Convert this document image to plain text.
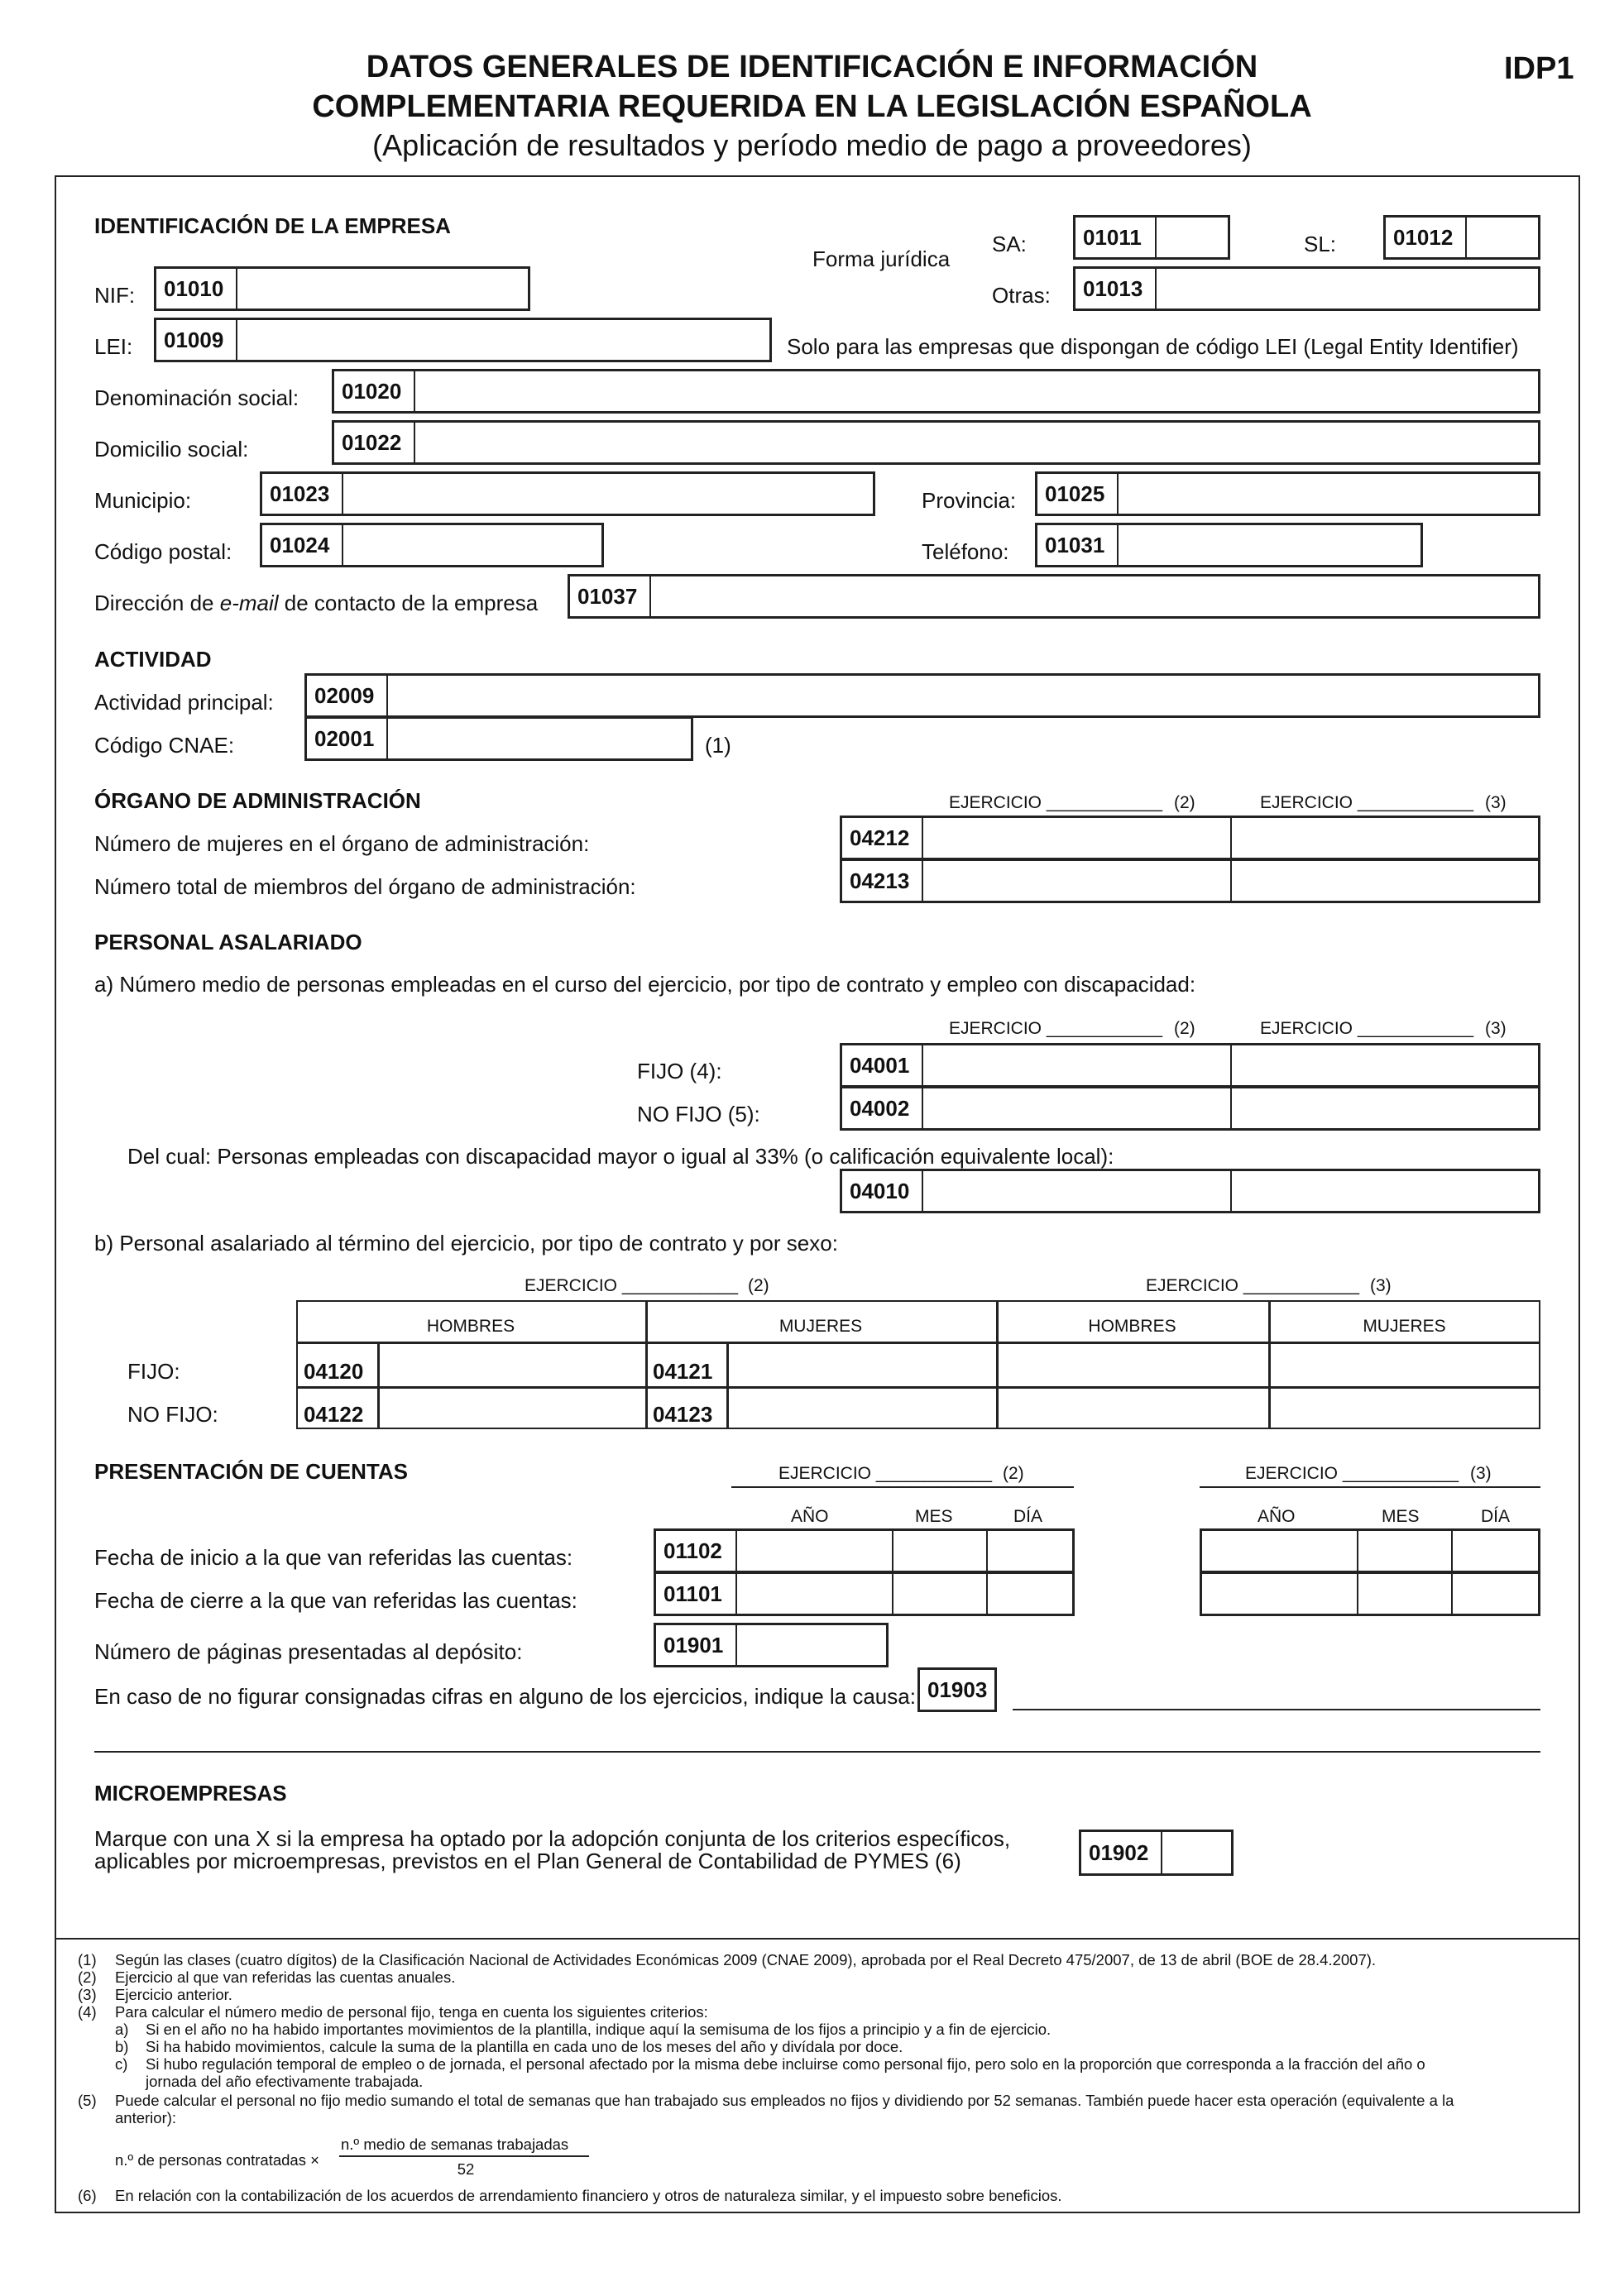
DATOS GENERALES DE IDENTIFICACIÓN E INFORMACIÓN
COMPLEMENTARIA REQUERIDA EN LA LEGISLACIÓN ESPAÑOLA
(Aplicación de resultados y período medio de pago a proveedores)
IDP1
IDENTIFICACIÓN DE LA EMPRESA
Forma jurídica
SA:	01011	SL:	01012
NIF:	01010	Otras:	01013
LEI:	01009	Solo para las empresas que dispongan de código LEI (Legal Entity Identifier)
Denominación social:	01020
Domicilio social:	01022
Municipio:	01023	Provincia:	01025
Código postal:	01024	Teléfono:	01031
Dirección de e-mail de contacto de la empresa	01037
ACTIVIDAD
Actividad principal:	02009
Código CNAE:	02001	(1)
ÓRGANO DE ADMINISTRACIÓN	EJERCICIO ____________ (2)	EJERCICIO ____________ (3)
Número de mujeres en el órgano de administración:	04212
Número total de miembros del órgano de administración:	04213
PERSONAL ASALARIADO
a) Número medio de personas empleadas en el curso del ejercicio, por tipo de contrato y empleo con discapacidad:
EJERCICIO ____________ (2)	EJERCICIO ____________ (3)
FIJO (4):	04001
NO FIJO (5):	04002
Del cual: Personas empleadas con discapacidad mayor o igual al 33% (o calificación equivalente local):
04010
b) Personal asalariado al término del ejercicio, por tipo de contrato y por sexo:
EJERCICIO ____________ (2)	EJERCICIO ____________ (3)
HOMBRES	MUJERES	HOMBRES	MUJERES
FIJO:
NO FIJO:
04120	04121
04122	04123
PRESENTACIÓN DE CUENTAS	EJERCICIO ____________ (2)	EJERCICIO ____________ (3)
AÑO	MES	DÍA	AÑO	MES	DÍA
Fecha de inicio a la que van referidas las cuentas:	01102
Fecha de cierre a la que van referidas las cuentas:	01101
Número de páginas presentadas al depósito:	01901
En caso de no figurar consignadas cifras en alguno de los ejercicios, indique la causa: 01903
MICROEMPRESAS
Marque con una X si la empresa ha optado por la adopción conjunta de los criterios específicos,
aplicables por microempresas, previstos en el Plan General de Contabilidad de PYMES (6)	01902
(1) Según las clases (cuatro dígitos) de la Clasificación Nacional de Actividades Económicas 2009 (CNAE 2009), aprobada por el Real Decreto 475/2007, de 13 de abril (BOE de 28.4.2007).
(2) Ejercicio al que van referidas las cuentas anuales.
(3) Ejercicio anterior.
(4) Para calcular el número medio de personal fijo, tenga en cuenta los siguientes criterios:
a) Si en el año no ha habido importantes movimientos de la plantilla, indique aquí la semisuma de los fijos a principio y a fin de ejercicio.
b) Si ha habido movimientos, calcule la suma de la plantilla en cada uno de los meses del año y divídala por doce.
c) Si hubo regulación temporal de empleo o de jornada, el personal afectado por la misma debe incluirse como personal fijo, pero solo en la proporción que corresponda a la fracción del año o
jornada del año efectivamente trabajada.
(5) Puede calcular el personal no fijo medio sumando el total de semanas que han trabajado sus empleados no fijos y dividiendo por 52 semanas. También puede hacer esta operación (equivalente a la
anterior):
n.º de personas contratadas ×
n.º medio de semanas trabajadas
52
(6) En relación con la contabilización de los acuerdos de arrendamiento financiero y otros de naturaleza similar, y el impuesto sobre beneficios.
